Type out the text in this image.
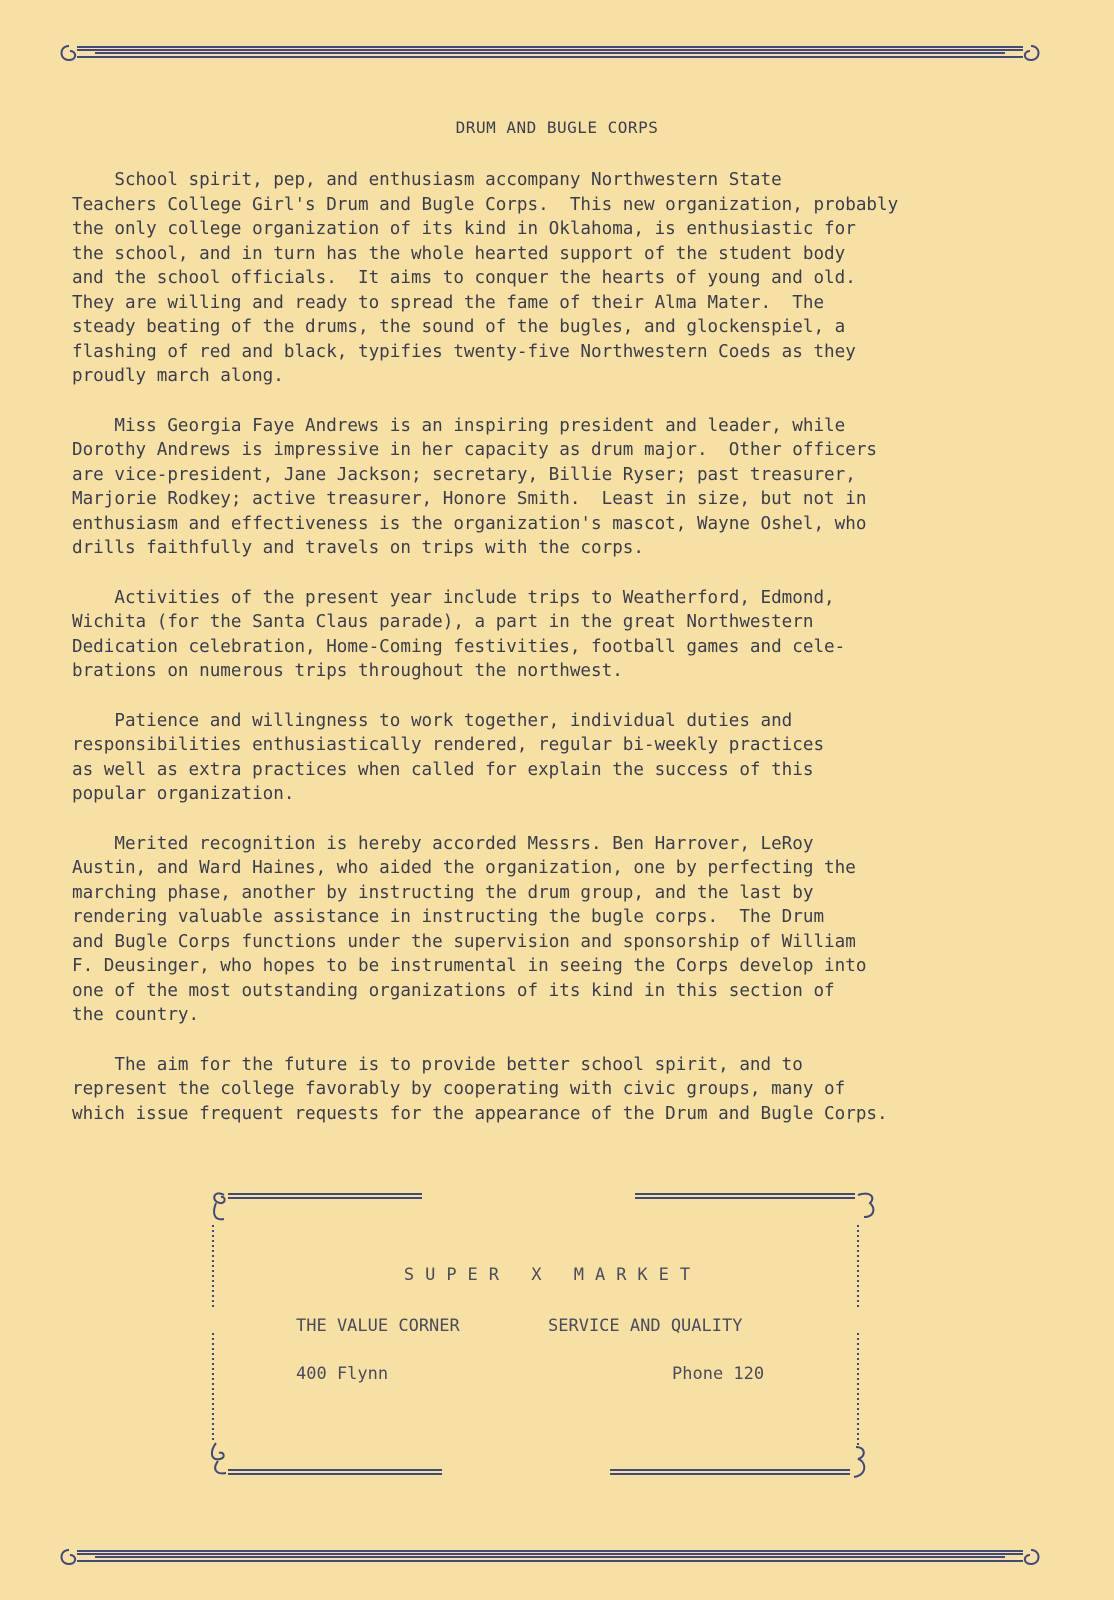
DRUM AND BUGLE CORPS

School spirit, pep, and enthusiasm accompany Northwestern State
Teachers College Girl's Drum and Bugle Corps.  This new organization, probably
the only college organization of its kind in Oklahoma, is enthusiastic for
the school, and in turn has the whole hearted support of the student body
and the school officials.  It aims to conquer the hearts of young and old.
They are willing and ready to spread the fame of their Alma Mater.  The
steady beating of the drums, the sound of the bugles, and glockenspiel, a
flashing of red and black, typifies twenty-five Northwestern Coeds as they
proudly march along.

Miss Georgia Faye Andrews is an inspiring president and leader, while
Dorothy Andrews is impressive in her capacity as drum major.  Other officers
are vice-president, Jane Jackson; secretary, Billie Ryser; past treasurer,
Marjorie Rodkey; active treasurer, Honore Smith.  Least in size, but not in
enthusiasm and effectiveness is the organization's mascot, Wayne Oshel, who
drills faithfully and travels on trips with the corps.

Activities of the present year include trips to Weatherford, Edmond,
Wichita (for the Santa Claus parade), a part in the great Northwestern
Dedication celebration, Home-Coming festivities, football games and cele-
brations on numerous trips throughout the northwest.

Patience and willingness to work together, individual duties and
responsibilities enthusiastically rendered, regular bi-weekly practices
as well as extra practices when called for explain the success of this
popular organization.

Merited recognition is hereby accorded Messrs. Ben Harrover, LeRoy
Austin, and Ward Haines, who aided the organization, one by perfecting the
marching phase, another by instructing the drum group, and the last by
rendering valuable assistance in instructing the bugle corps.  The Drum
and Bugle Corps functions under the supervision and sponsorship of William
F. Deusinger, who hopes to be instrumental in seeing the Corps develop into
one of the most outstanding organizations of its kind in this section of
the country.

The aim for the future is to provide better school spirit, and to
represent the college favorably by cooperating with civic groups, many of
which issue frequent requests for the appearance of the Drum and Bugle Corps.

SUPER X MARKET
THE VALUE CORNER	SERVICE AND QUALITY
400 Flynn	Phone 120
